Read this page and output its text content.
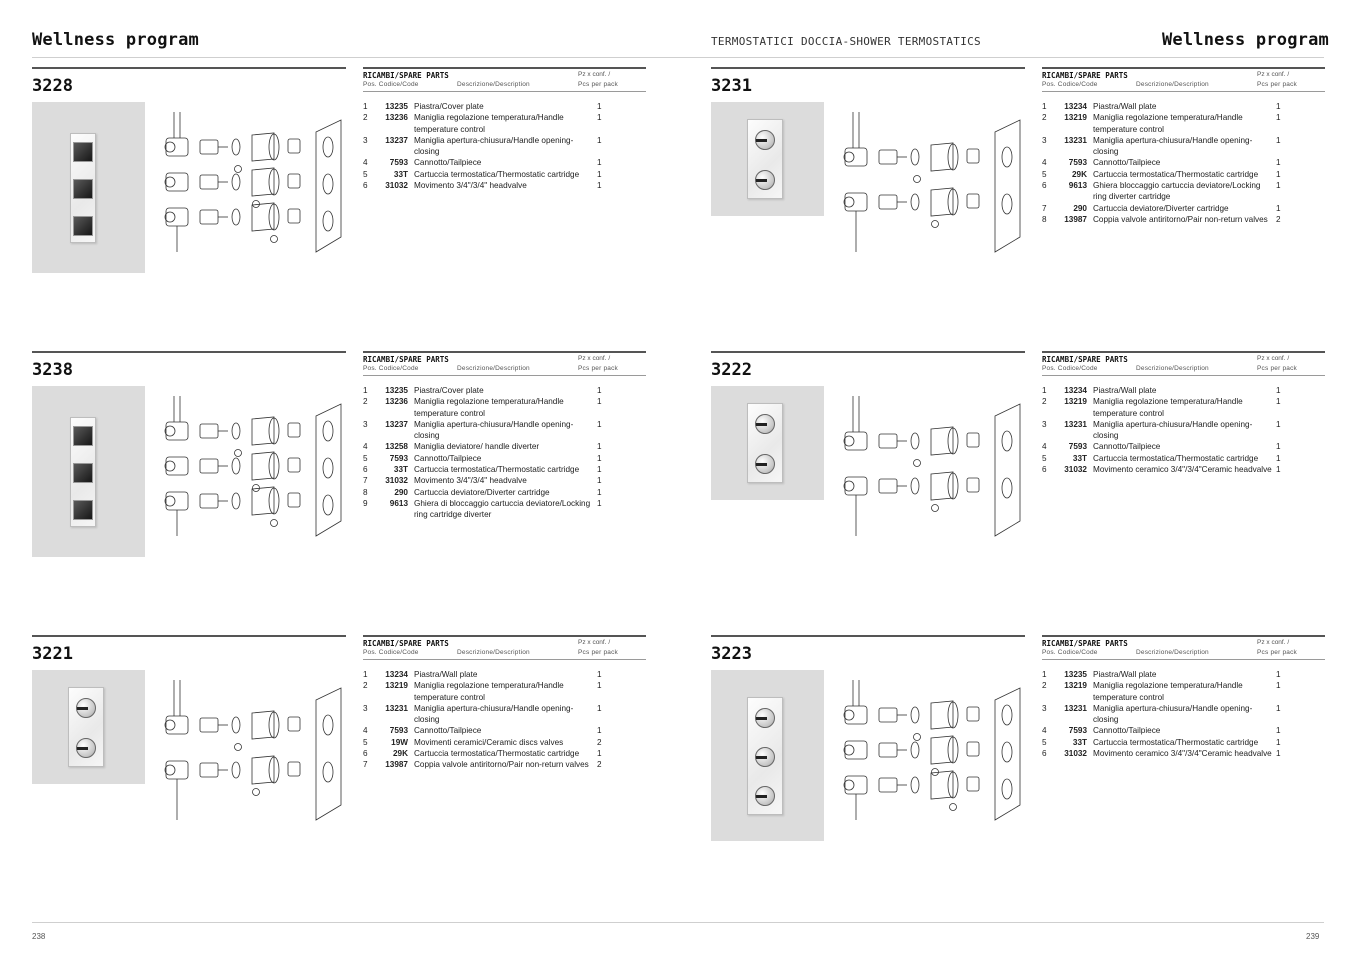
Wellness program	TERMOSTATICI DOCCIA-SHOWER TERMOSTATICS	Wellness program
3228
RICAMBI/SPARE PARTS	Pz x conf. /
Pos. Codice/Code	Descrizione/Description	Pcs per pack
1	13235 Piastra/Cover plate	1
2	13236 Maniglia regolazione temperatura/Handle temperature control
1
3	13237 Maniglia apertura-chiusura/Handle opening-closing
1
4	7593 Cannotto/Tailpiece	1
5	33T Cartuccia termostatica/Thermostatic cartridge	1
6	31032 Movimento 3/4"/3/4" headvalve	1
3231
RICAMBI/SPARE PARTS	Pz x conf. /
Pos. Codice/Code	Descrizione/Description	Pcs per pack
1	13234 Piastra/Wall plate	1
2	13219 Maniglia regolazione temperatura/Handle temperature control
1
3	13231 Maniglia apertura-chiusura/Handle opening-closing
1
4	7593 Cannotto/Tailpiece	1
5	29K Cartuccia termostatica/Thermostatic cartridge	1
6	9613 Ghiera bloccaggio cartuccia deviatore/Locking ring diverter cartridge
1
7	290 Cartuccia deviatore/Diverter cartridge	1
8	13987 Coppia valvole antiritorno/Pair non-return valves	2
3238
RICAMBI/SPARE PARTS	Pz x conf. /
Pos. Codice/Code	Descrizione/Description	Pcs per pack
1	13235 Piastra/Cover plate	1
2	13236 Maniglia regolazione temperatura/Handle temperature control
1
3	13237 Maniglia apertura-chiusura/Handle opening-closing
1
4	13258 Maniglia deviatore/ handle diverter	1
5	7593 Cannotto/Tailpiece	1
6	33T Cartuccia termostatica/Thermostatic cartridge	1
7	31032 Movimento 3/4"/3/4" headvalve	1
8	290 Cartuccia deviatore/Diverter cartridge	1
9	9613 Ghiera di bloccaggio cartuccia deviatore/Locking ring cartridge diverter
1
3222
RICAMBI/SPARE PARTS	Pz x conf. /
Pos. Codice/Code	Descrizione/Description	Pcs per pack
1	13234 Piastra/Wall plate	1
2	13219 Maniglia regolazione temperatura/Handle temperature control
1
3	13231 Maniglia apertura-chiusura/Handle opening-closing
1
4	7593 Cannotto/Tailpiece	1
5	33T Cartuccia termostatica/Thermostatic cartridge	1
6	31032 Movimento ceramico 3/4"/3/4"Ceramic headvalve 1
3221
RICAMBI/SPARE PARTS	Pz x conf. /
Pos. Codice/Code	Descrizione/Description	Pcs per pack
1	13234 Piastra/Wall plate	1
2	13219 Maniglia regolazione temperatura/Handle temperature control
1
3	13231 Maniglia apertura-chiusura/Handle opening-closing
1
4	7593 Cannotto/Tailpiece	1
5	19W Movimenti ceramici/Ceramic discs valves	2
6	29K Cartuccia termostatica/Thermostatic cartridge	1
7	13987 Coppia valvole antiritorno/Pair non-return valves	2
3223
RICAMBI/SPARE PARTS	Pz x conf. /
Pos. Codice/Code	Descrizione/Description	Pcs per pack
1	13235 Piastra/Wall plate	1
2	13219 Maniglia regolazione temperatura/Handle temperature control
1
3	13231 Maniglia apertura-chiusura/Handle opening-closing
1
4	7593 Cannotto/Tailpiece	1
5	33T Cartuccia termostatica/Thermostatic cartridge	1
6	31032 Movimento ceramico 3/4"/3/4"Ceramic headvalve 1
238	239
